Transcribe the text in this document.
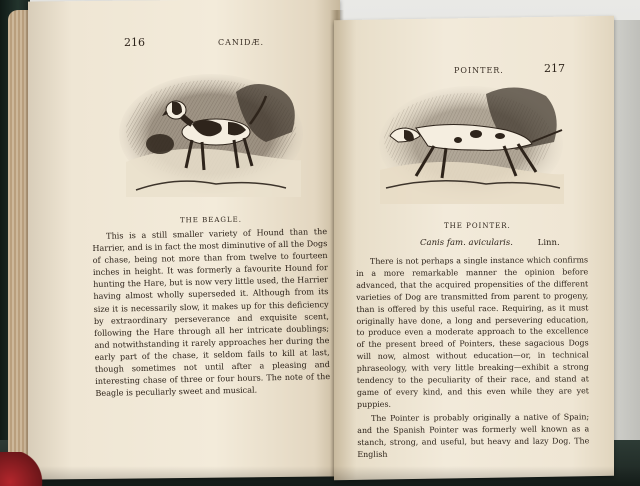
216	CANIDÆ.
THE BEAGLE.

This is a still smaller variety of Hound than the Harrier, and is in fact the most diminutive of all the Dogs of chase, being not more than from twelve to fourteen inches in height. It was formerly a favourite Hound for hunting the Hare, but is now very little used, the Harrier having almost wholly superseded it. Although from its size it is necessarily slow, it makes up for this deficiency by extraordinary perseverance and exquisite scent, following the Hare through all her intricate doublings; and notwithstanding it rarely approaches her during the early part of the chase, it seldom fails to kill at last, though sometimes not until after a pleasing and interesting chase of three or four hours. The note of the Beagle is peculiarly sweet and musical.

POINTER.	217
THE POINTER.
Canis fam. avicularis.	Linn.

There is not perhaps a single instance which confirms in a more remarkable manner the opinion before advanced, that the acquired propensities of the different varieties of Dog are transmitted from parent to progeny, than is offered by this useful race. Requiring, as it must originally have done, a long and persevering education, to produce even a moderate approach to the excellence of the present breed of Pointers, these sagacious Dogs will now, almost without education—or, in technical phraseology, with very little breaking—exhibit a strong tendency to the peculiarity of their race, and stand at game of every kind, and this even while they are yet puppies.

The Pointer is probably originally a native of Spain; and the Spanish Pointer was formerly well known as a stanch, strong, and useful, but heavy and lazy Dog. The English
